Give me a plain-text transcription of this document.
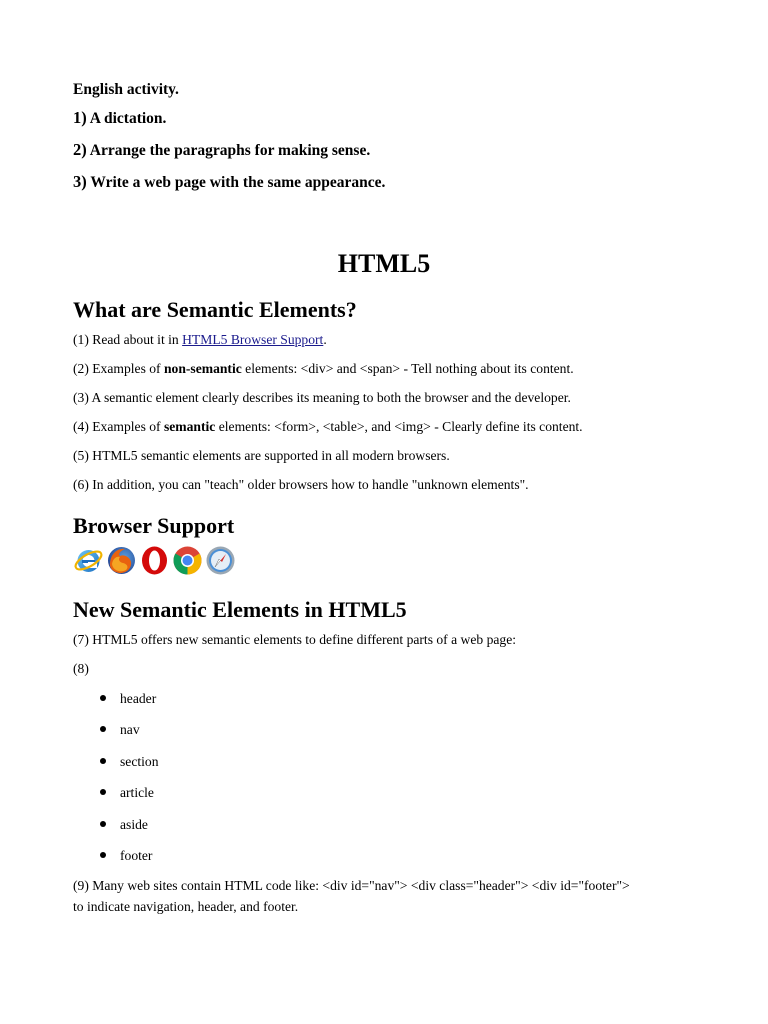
English activity.

1) A dictation.

2) Arrange the paragraphs for making sense.

3) Write a web page with the same appearance.

HTML5
What are Semantic Elements?

(1) Read about it in HTML5 Browser Support.

(2) Examples of non-semantic elements: <div> and <span> - Tell nothing about its content.

(3) A semantic element clearly describes its meaning to both the browser and the developer.

(4) Examples of semantic elements: <form>, <table>, and <img> - Clearly define its content.

(5) HTML5 semantic elements are supported in all modern browsers.

(6) In addition, you can "teach" older browsers how to handle "unknown elements".

Browser Support
New Semantic Elements in HTML5

(7) HTML5 offers new semantic elements to define different parts of a web page:

(8)

header
nav
section
article
aside
footer

(9) Many web sites contain HTML code like: <div id="nav"> <div class="header"> <div id="footer"> to indicate navigation, header, and footer.
